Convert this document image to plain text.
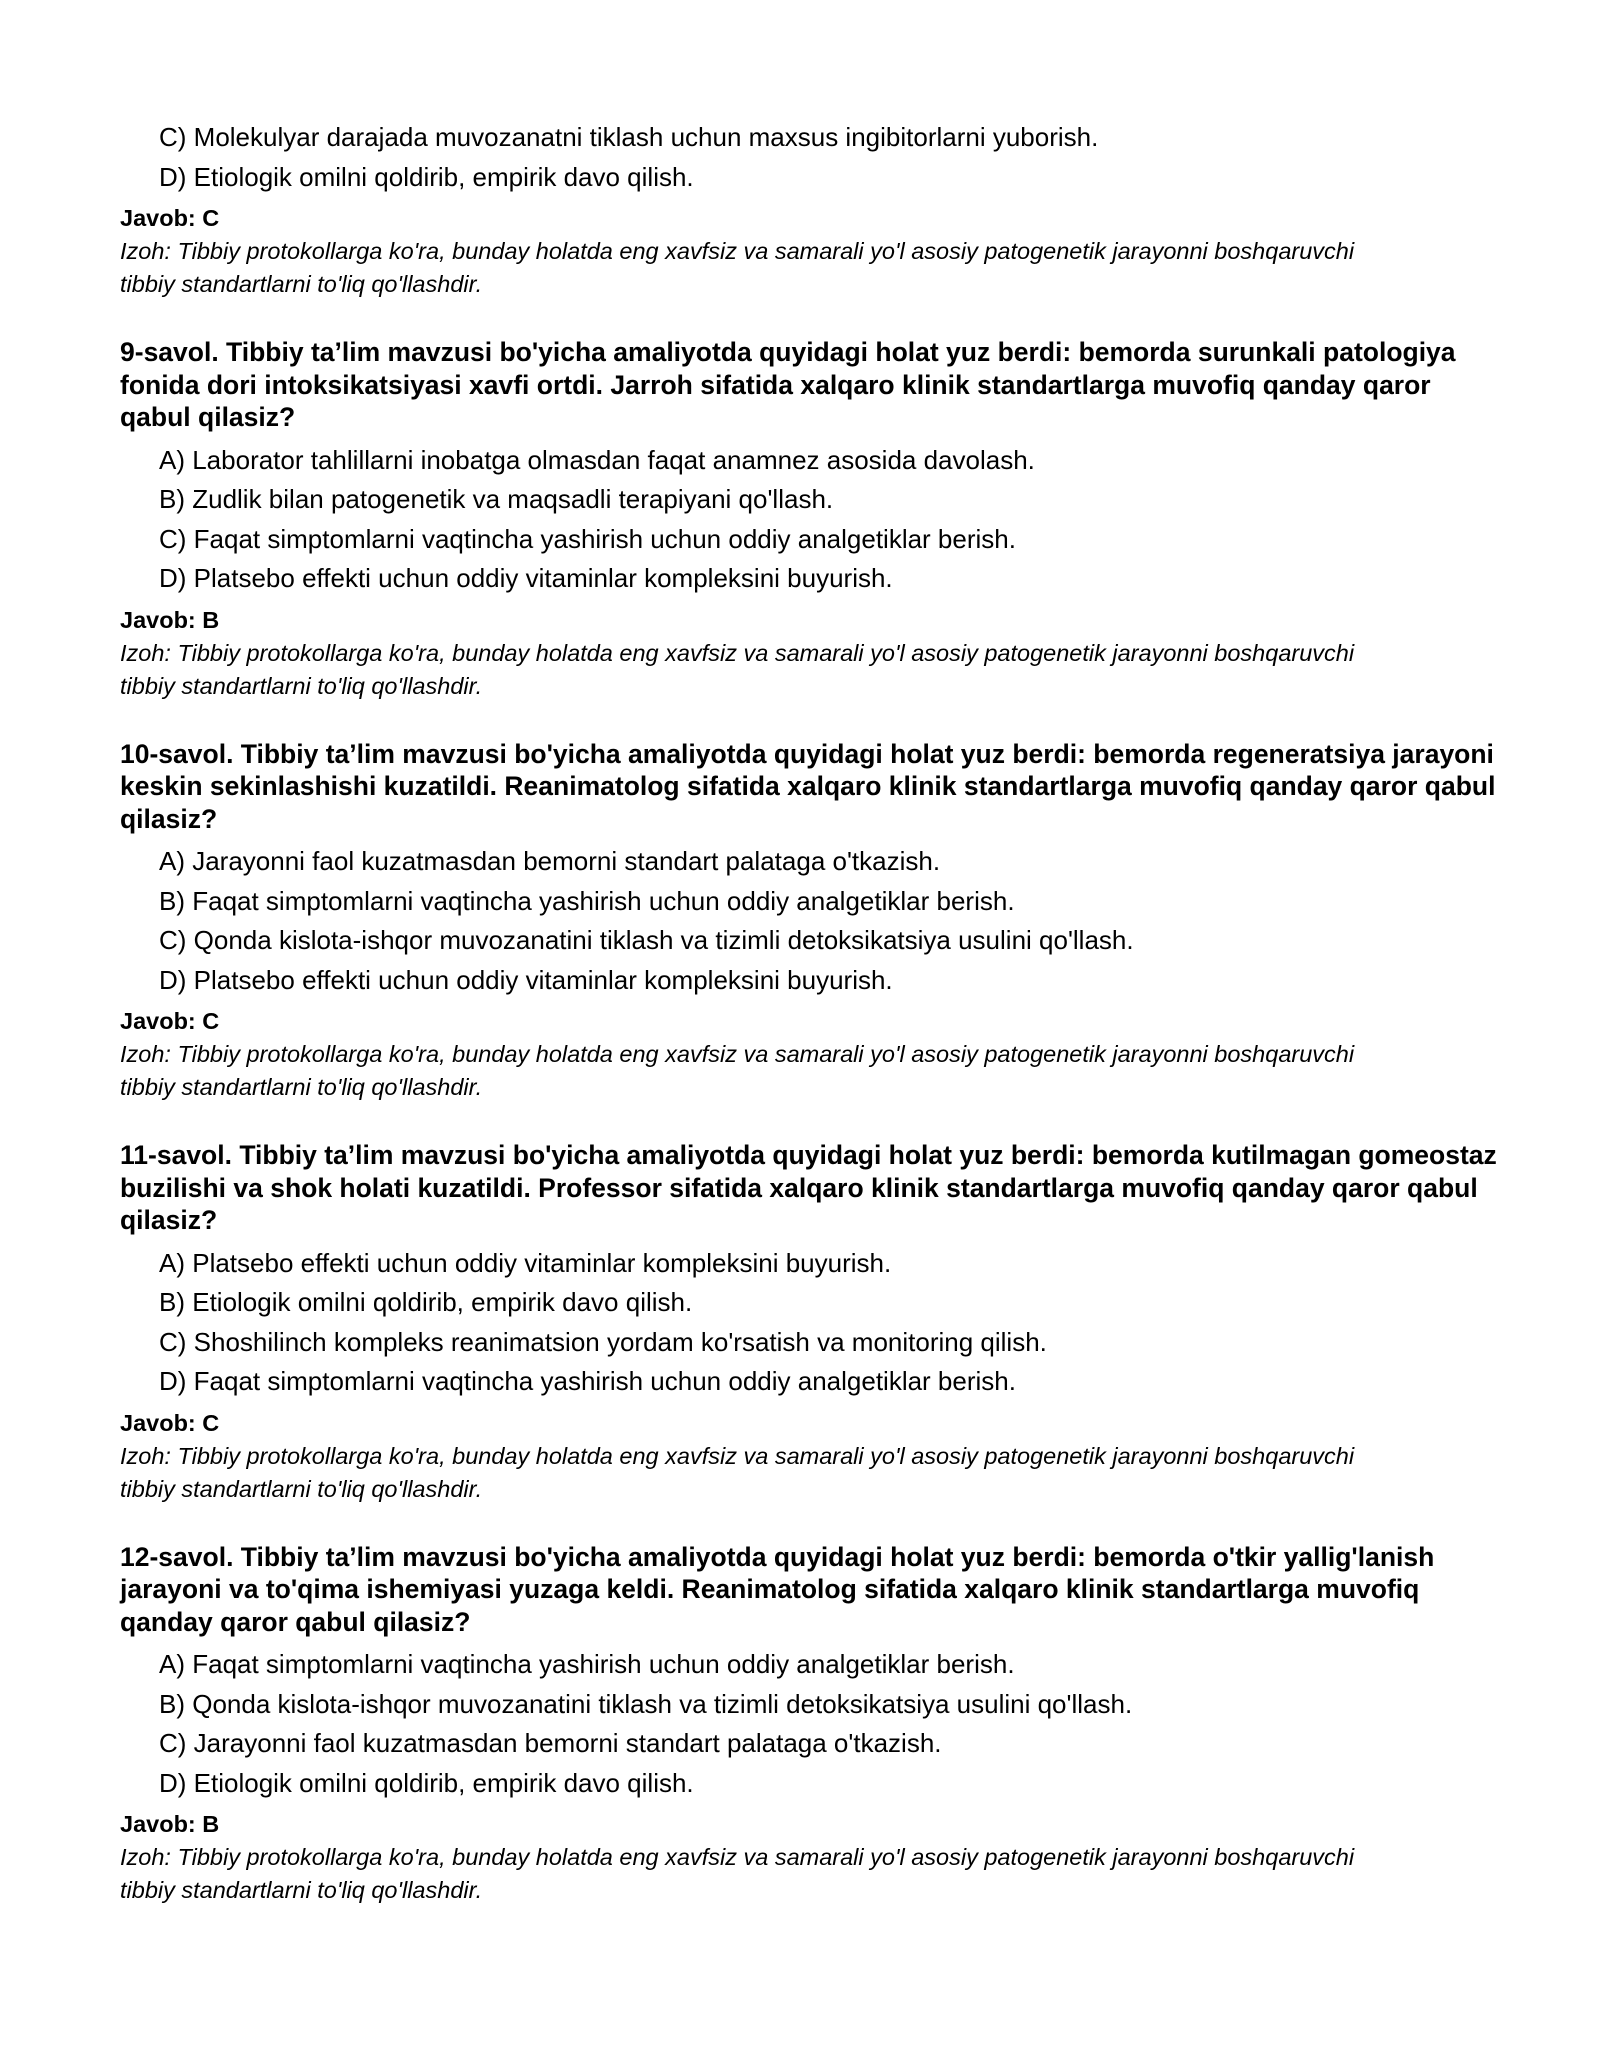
C) Molekulyar darajada muvozanatni tiklash uchun maxsus ingibitorlarni yuborish.
D) Etiologik omilni qoldirib, empirik davo qilish.
Javob: C
Izoh: Tibbiy protokollarga ko'ra, bunday holatda eng xavfsiz va samarali yo'l asosiy patogenetik jarayonni boshqaruvchi tibbiy standartlarni to'liq qo'llashdir.
9-savol. Tibbiy ta’lim mavzusi bo'yicha amaliyotda quyidagi holat yuz berdi: bemorda surunkali patologiya fonida dori intoksikatsiyasi xavfi ortdi. Jarroh sifatida xalqaro klinik standartlarga muvofiq qanday qaror qabul qilasiz?
A) Laborator tahlillarni inobatga olmasdan faqat anamnez asosida davolash.
B) Zudlik bilan patogenetik va maqsadli terapiyani qo'llash.
C) Faqat simptomlarni vaqtincha yashirish uchun oddiy analgetiklar berish.
D) Platsebo effekti uchun oddiy vitaminlar kompleksini buyurish.
Javob: B
Izoh: Tibbiy protokollarga ko'ra, bunday holatda eng xavfsiz va samarali yo'l asosiy patogenetik jarayonni boshqaruvchi tibbiy standartlarni to'liq qo'llashdir.
10-savol. Tibbiy ta’lim mavzusi bo'yicha amaliyotda quyidagi holat yuz berdi: bemorda regeneratsiya jarayoni keskin sekinlashishi kuzatildi. Reanimatolog sifatida xalqaro klinik standartlarga muvofiq qanday qaror qabul qilasiz?
A) Jarayonni faol kuzatmasdan bemorni standart palataga o'tkazish.
B) Faqat simptomlarni vaqtincha yashirish uchun oddiy analgetiklar berish.
C) Qonda kislota-ishqor muvozanatini tiklash va tizimli detoksikatsiya usulini qo'llash.
D) Platsebo effekti uchun oddiy vitaminlar kompleksini buyurish.
Javob: C
Izoh: Tibbiy protokollarga ko'ra, bunday holatda eng xavfsiz va samarali yo'l asosiy patogenetik jarayonni boshqaruvchi tibbiy standartlarni to'liq qo'llashdir.
11-savol. Tibbiy ta’lim mavzusi bo'yicha amaliyotda quyidagi holat yuz berdi: bemorda kutilmagan gomeostaz buzilishi va shok holati kuzatildi. Professor sifatida xalqaro klinik standartlarga muvofiq qanday qaror qabul qilasiz?
A) Platsebo effekti uchun oddiy vitaminlar kompleksini buyurish.
B) Etiologik omilni qoldirib, empirik davo qilish.
C) Shoshilinch kompleks reanimatsion yordam ko'rsatish va monitoring qilish.
D) Faqat simptomlarni vaqtincha yashirish uchun oddiy analgetiklar berish.
Javob: C
Izoh: Tibbiy protokollarga ko'ra, bunday holatda eng xavfsiz va samarali yo'l asosiy patogenetik jarayonni boshqaruvchi tibbiy standartlarni to'liq qo'llashdir.
12-savol. Tibbiy ta’lim mavzusi bo'yicha amaliyotda quyidagi holat yuz berdi: bemorda o'tkir yallig'lanish jarayoni va to'qima ishemiyasi yuzaga keldi. Reanimatolog sifatida xalqaro klinik standartlarga muvofiq qanday qaror qabul qilasiz?
A) Faqat simptomlarni vaqtincha yashirish uchun oddiy analgetiklar berish.
B) Qonda kislota-ishqor muvozanatini tiklash va tizimli detoksikatsiya usulini qo'llash.
C) Jarayonni faol kuzatmasdan bemorni standart palataga o'tkazish.
D) Etiologik omilni qoldirib, empirik davo qilish.
Javob: B
Izoh: Tibbiy protokollarga ko'ra, bunday holatda eng xavfsiz va samarali yo'l asosiy patogenetik jarayonni boshqaruvchi tibbiy standartlarni to'liq qo'llashdir.
